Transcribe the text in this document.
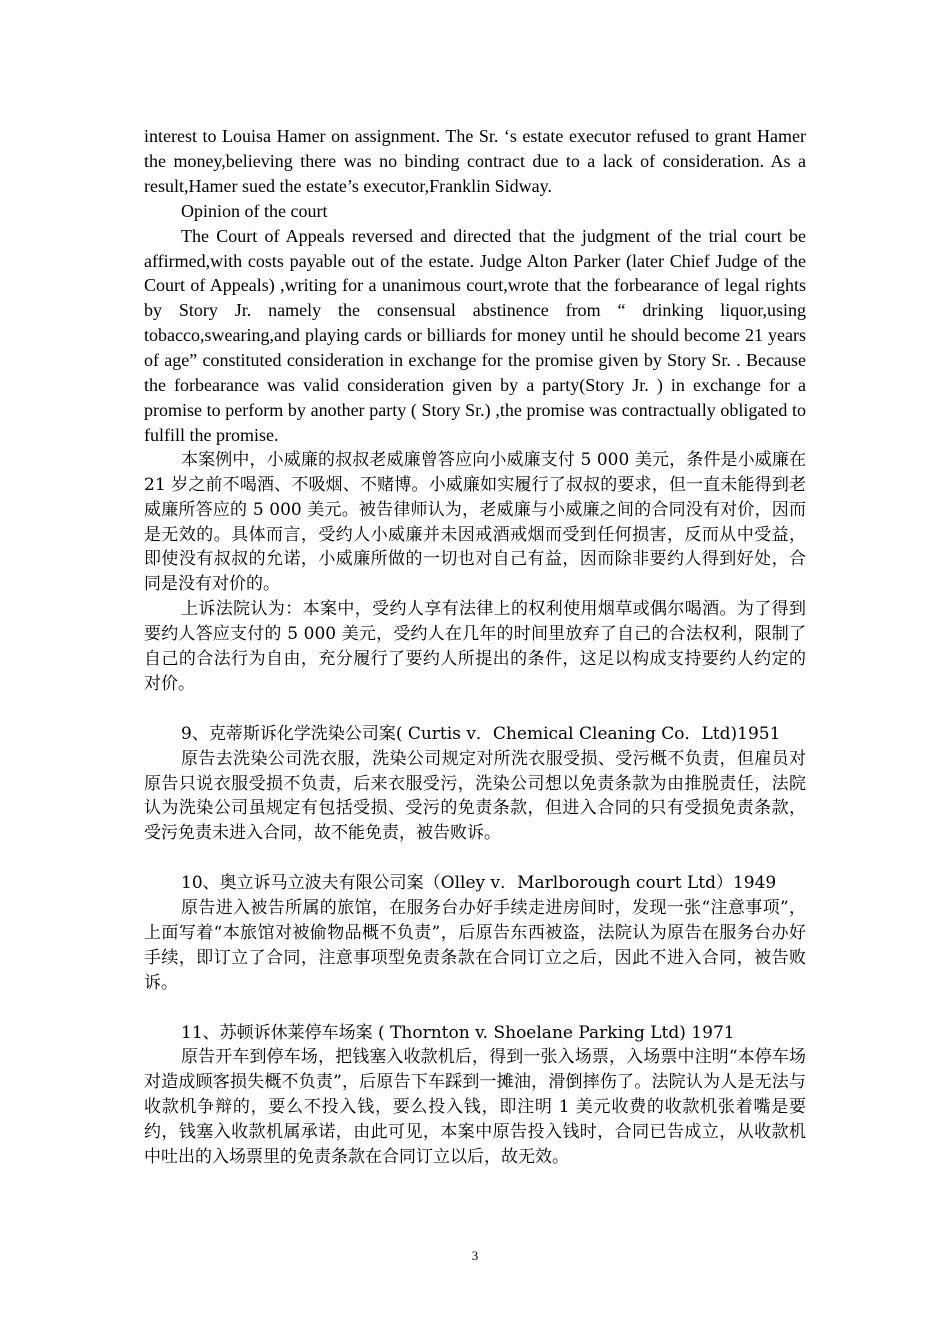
interest to Louisa Hamer on assignment. The Sr. ‘s estate executor refused to grant Hamer the money,believing there was no binding contract due to a lack of consideration. As a result,Hamer sued the estate’s executor,Franklin Sidway.

Opinion of the court

The Court of Appeals reversed and directed that the judgment of the trial court be affirmed,with costs payable out of the estate. Judge Alton Parker (later Chief Judge of the Court of Appeals) ,writing for a unanimous court,wrote that the forbearance of legal rights by Story Jr. namely the consensual abstinence from “ drinking liquor,using tobacco,swearing,and playing cards or billiards for money until he should become 21 years of age” constituted consideration in exchange for the promise given by Story Sr. . Because the forbearance was valid consideration given by a party(Story Jr. ) in exchange for a promise to perform by another party ( Story Sr.) ,the promise was contractually obligated to fulfill the promise.

本案例中，小威廉的叔叔老威廉曾答应向小威廉支付 5 000 美元，条件是小威廉在 21 岁之前不喝酒、不吸烟、不赌博。小威廉如实履行了叔叔的要求，但一直未能得到老威廉所答应的 5 000 美元。被告律师认为，老威廉与小威廉之间的合同没有对价，因而是无效的。具体而言，受约人小威廉并未因戒酒戒烟而受到任何损害，反而从中受益，即使没有叔叔的允诺，小威廉所做的一切也对自己有益，因而除非要约人得到好处，合同是没有对价的。

上诉法院认为：本案中，受约人享有法律上的权利使用烟草或偶尔喝酒。为了得到要约人答应支付的 5 000 美元，受约人在几年的时间里放弃了自己的合法权利，限制了自己的合法行为自由，充分履行了要约人所提出的条件，这足以构成支持要约人约定的对价。

9、克蒂斯诉化学洗染公司案( Curtis v．Chemical Cleaning Co．Ltd)1951

原告去洗染公司洗衣服，洗染公司规定对所洗衣服受损、受污概不负责，但雇员对原告只说衣服受损不负责，后来衣服受污，洗染公司想以免责条款为由推脱责任，法院认为洗染公司虽规定有包括受损、受污的免责条款，但进入合同的只有受损免责条款，受污免责未进入合同，故不能免责，被告败诉。

10、奥立诉马立波夫有限公司案（Olley v．Marlborough court Ltd）1949

原告进入被告所属的旅馆，在服务台办好手续走进房间时，发现一张“注意事项”，上面写着“本旅馆对被偷物品概不负责”，后原告东西被盗，法院认为原告在服务台办好手续，即订立了合同，注意事项型免责条款在合同订立之后，因此不进入合同，被告败诉。

11、苏顿诉休莱停车场案 ( Thornton v. Shoelane Parking Ltd) 1971

原告开车到停车场，把钱塞入收款机后，得到一张入场票，入场票中注明“本停车场对造成顾客损失概不负责”，后原告下车踩到一摊油，滑倒摔伤了。法院认为人是无法与收款机争辩的，要么不投入钱，要么投入钱，即注明 1 美元收费的收款机张着嘴是要约，钱塞入收款机属承诺，由此可见，本案中原告投入钱时，合同已告成立，从收款机中吐出的入场票里的免责条款在合同订立以后，故无效。

3
